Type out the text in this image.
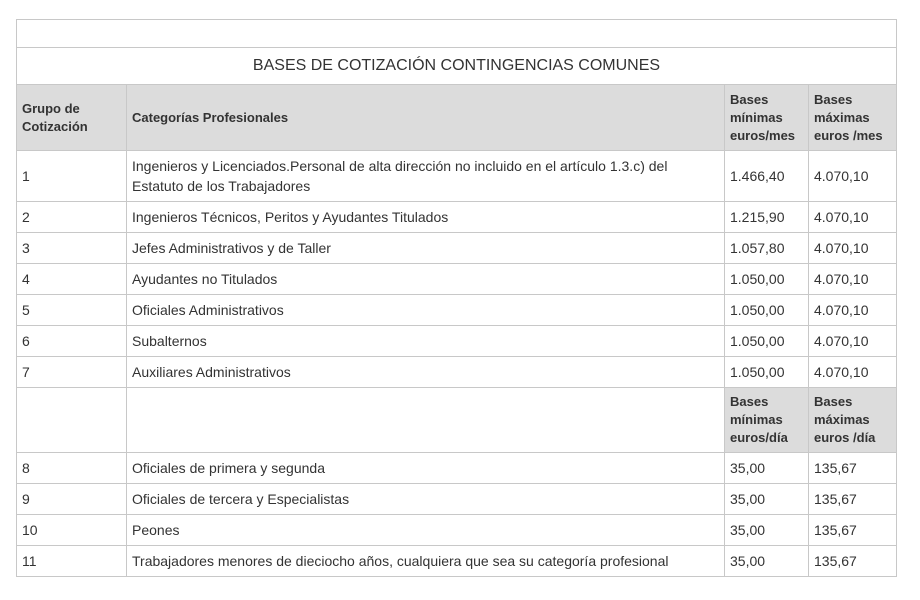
BASES DE COTIZACIÓN CONTINGENCIAS COMUNES			
Grupo de Cotización	Categorías Profesionales	Bases mínimas euros/mes	Bases máximas euros /mes
1	Ingenieros y Licenciados.Personal de alta dirección no incluido en el artículo 1.3.c) del Estatuto de los Trabajadores	1.466,40	4.070,10
2	Ingenieros Técnicos, Peritos y Ayudantes Titulados	1.215,90	4.070,10
3	Jefes Administrativos y de Taller	1.057,80	4.070,10
4	Ayudantes no Titulados	1.050,00	4.070,10
5	Oficiales Administrativos	1.050,00	4.070,10
6	Subalternos	1.050,00	4.070,10
7	Auxiliares Administrativos	1.050,00	4.070,10
		Bases mínimas euros/día	Bases máximas euros /día
8	Oficiales de primera y segunda	35,00	135,67
9	Oficiales de tercera y Especialistas	35,00	135,67
10	Peones	35,00	135,67
11	Trabajadores menores de dieciocho años, cualquiera que sea su categoría profesional	35,00	135,67
